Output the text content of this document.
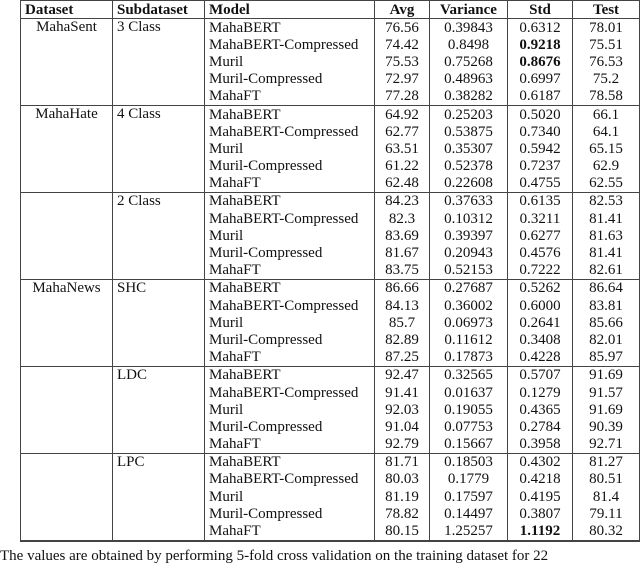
Dataset	Subdataset	Model	Avg	Variance	Std	Test
MahaSent	3 Class	MahaBERT	76.56	0.39843	0.6312	78.01
		MahaBERT-Compressed	74.42	0.8498	0.9218	75.51
		Muril	75.53	0.75268	0.8676	76.53
		Muril-Compressed	72.97	0.48963	0.6997	75.2
		MahaFT	77.28	0.38282	0.6187	78.58
MahaHate	4 Class	MahaBERT	64.92	0.25203	0.5020	66.1
		MahaBERT-Compressed	62.77	0.53875	0.7340	64.1
		Muril	63.51	0.35307	0.5942	65.15
		Muril-Compressed	61.22	0.52378	0.7237	62.9
		MahaFT	62.48	0.22608	0.4755	62.55
	2 Class	MahaBERT	84.23	0.37633	0.6135	82.53
		MahaBERT-Compressed	82.3	0.10312	0.3211	81.41
		Muril	83.69	0.39397	0.6277	81.63
		Muril-Compressed	81.67	0.20943	0.4576	81.41
		MahaFT	83.75	0.52153	0.7222	82.61
MahaNews	SHC	MahaBERT	86.66	0.27687	0.5262	86.64
		MahaBERT-Compressed	84.13	0.36002	0.6000	83.81
		Muril	85.7	0.06973	0.2641	85.66
		Muril-Compressed	82.89	0.11612	0.3408	82.01
		MahaFT	87.25	0.17873	0.4228	85.97
	LDC	MahaBERT	92.47	0.32565	0.5707	91.69
		MahaBERT-Compressed	91.41	0.01637	0.1279	91.57
		Muril	92.03	0.19055	0.4365	91.69
		Muril-Compressed	91.04	0.07753	0.2784	90.39
		MahaFT	92.79	0.15667	0.3958	92.71
	LPC	MahaBERT	81.71	0.18503	0.4302	81.27
		MahaBERT-Compressed	80.03	0.1779	0.4218	80.51
		Muril	81.19	0.17597	0.4195	81.4
		Muril-Compressed	78.82	0.14497	0.3807	79.11
		MahaFT	80.15	1.25257	1.1192	80.32
The values are obtained by performing 5-fold cross validation on the training dataset for 22
